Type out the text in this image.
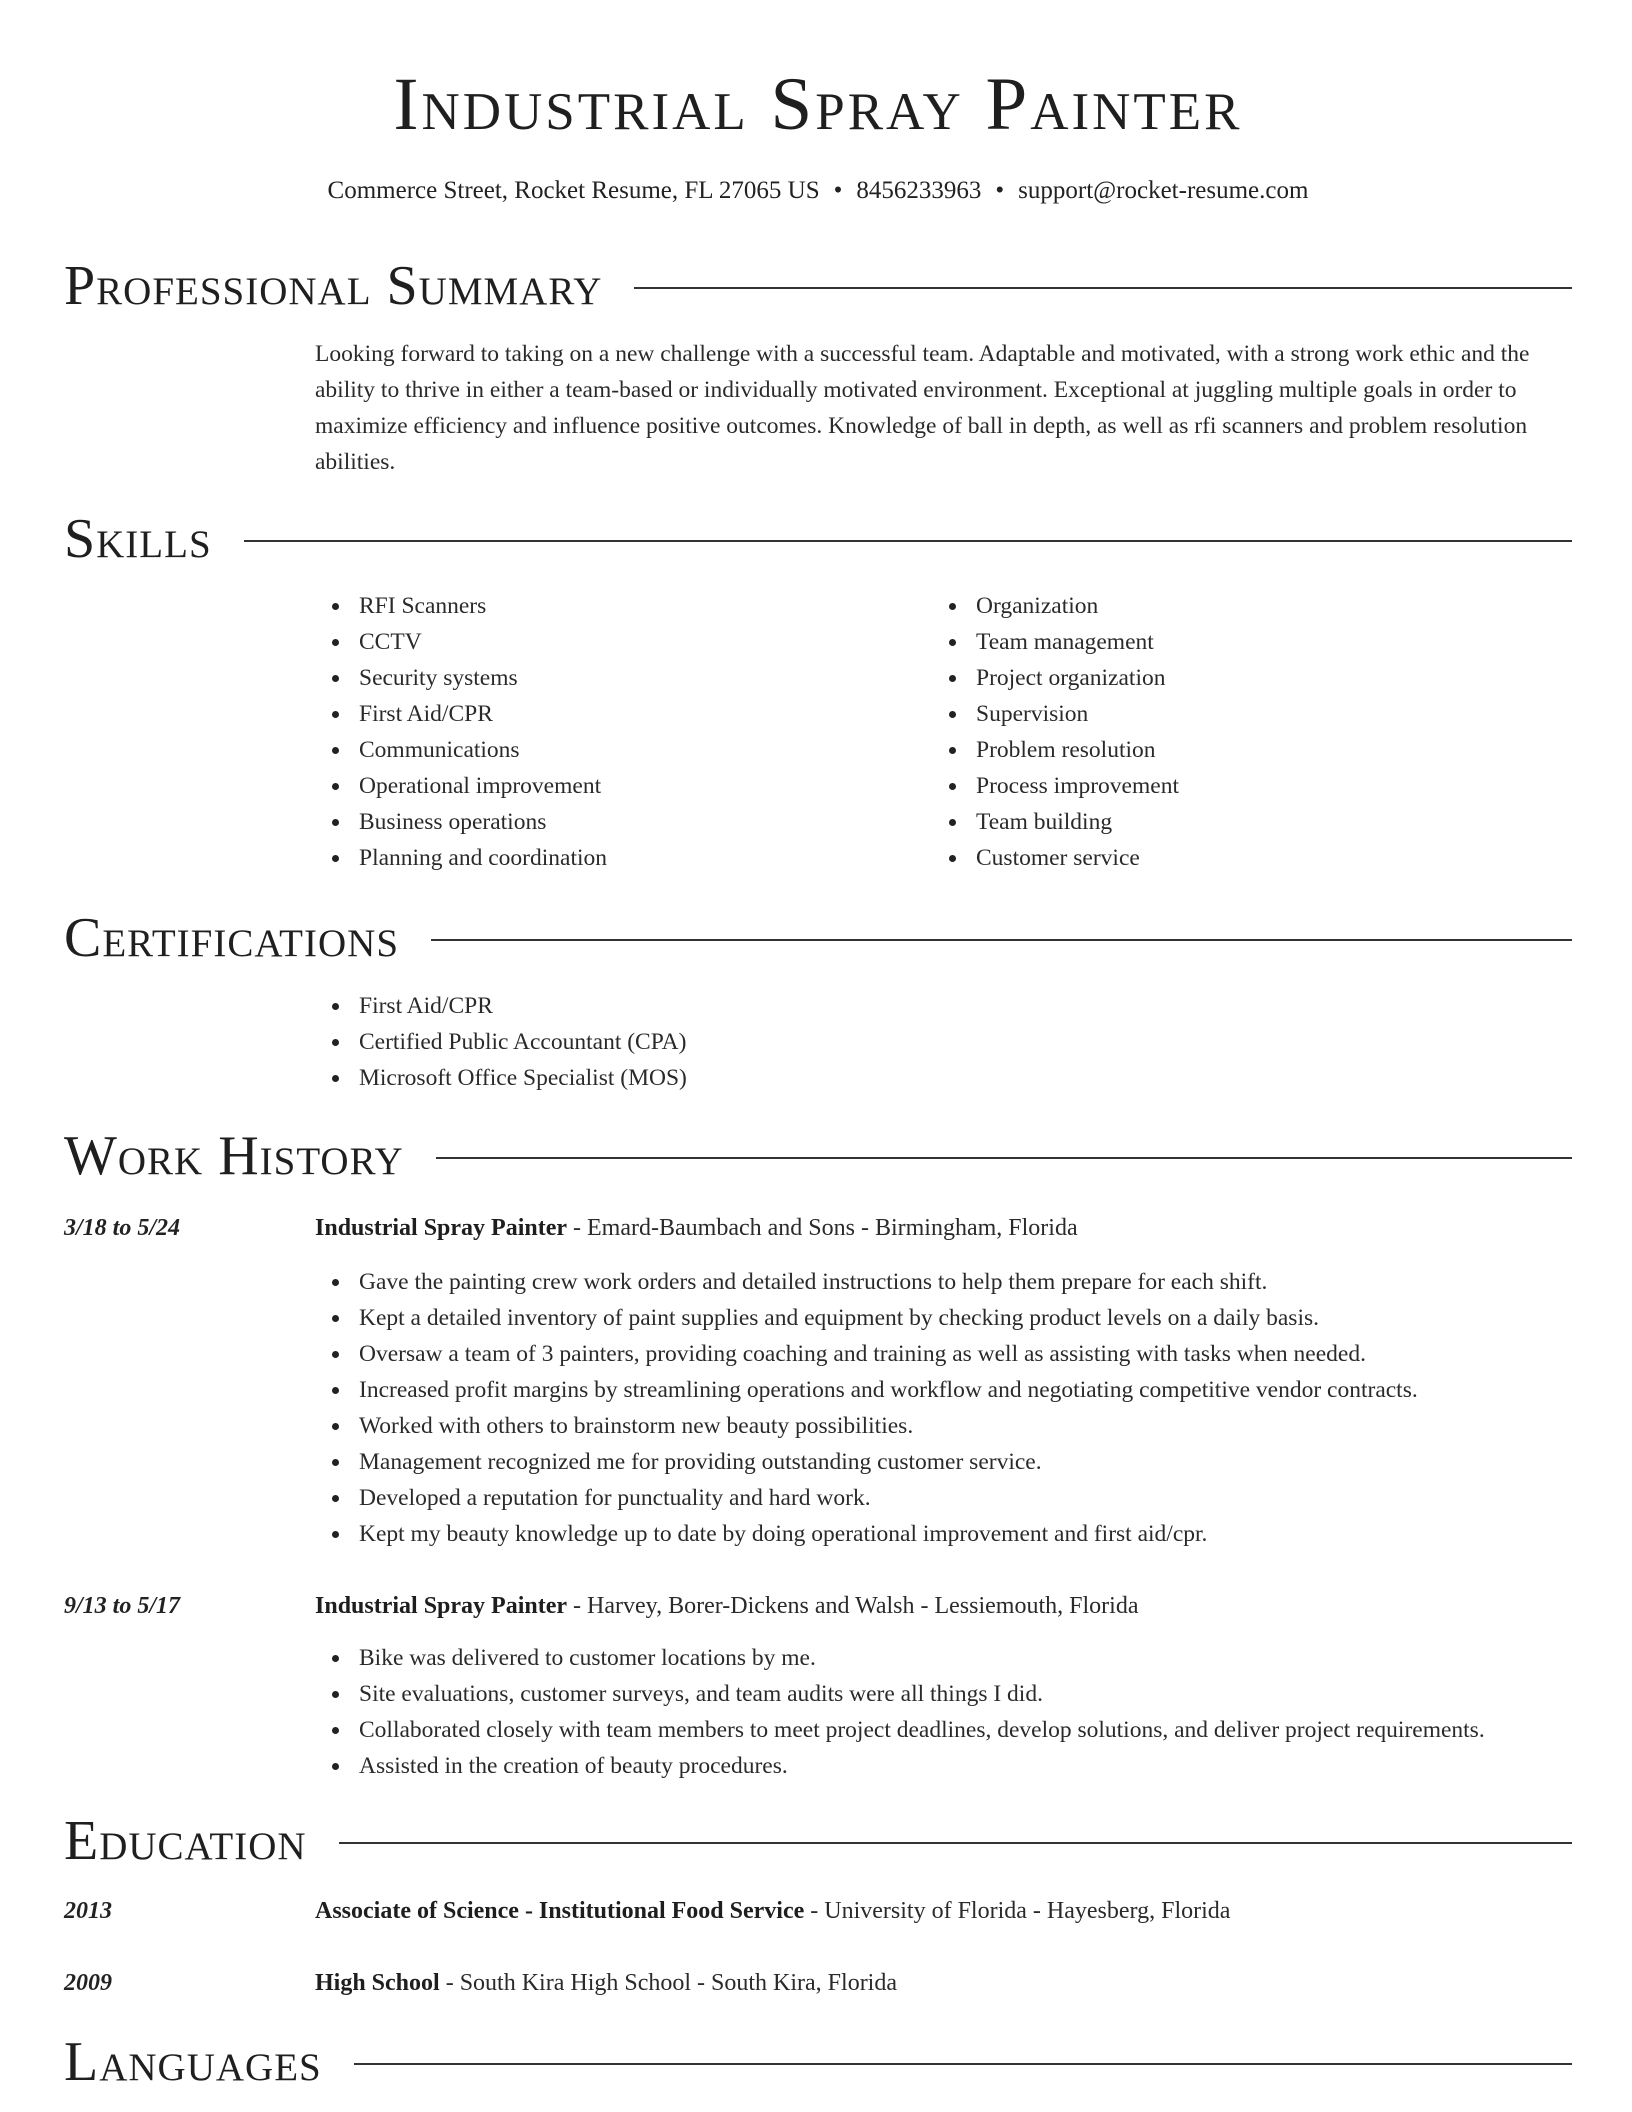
Industrial Spray Painter
Commerce Street, Rocket Resume, FL 27065 US • 8456233963 • support@rocket-resume.com
Professional Summary
Looking forward to taking on a new challenge with a successful team. Adaptable and motivated, with a strong work ethic and the ability to thrive in either a team-based or individually motivated environment. Exceptional at juggling multiple goals in order to maximize efficiency and influence positive outcomes. Knowledge of ball in depth, as well as rfi scanners and problem resolution abilities.
Skills
RFI Scanners
CCTV
Security systems
First Aid/CPR
Communications
Operational improvement
Business operations
Planning and coordination
Organization
Team management
Project organization
Supervision
Problem resolution
Process improvement
Team building
Customer service
Certifications
First Aid/CPR
Certified Public Accountant (CPA)
Microsoft Office Specialist (MOS)
Work History
3/18 to 5/24	Industrial Spray Painter - Emard-Baumbach and Sons - Birmingham, Florida
Gave the painting crew work orders and detailed instructions to help them prepare for each shift.
Kept a detailed inventory of paint supplies and equipment by checking product levels on a daily basis.
Oversaw a team of 3 painters, providing coaching and training as well as assisting with tasks when needed.
Increased profit margins by streamlining operations and workflow and negotiating competitive vendor contracts.
Worked with others to brainstorm new beauty possibilities.
Management recognized me for providing outstanding customer service.
Developed a reputation for punctuality and hard work.
Kept my beauty knowledge up to date by doing operational improvement and first aid/cpr.
9/13 to 5/17	Industrial Spray Painter - Harvey, Borer-Dickens and Walsh - Lessiemouth, Florida
Bike was delivered to customer locations by me.
Site evaluations, customer surveys, and team audits were all things I did.
Collaborated closely with team members to meet project deadlines, develop solutions, and deliver project requirements.
Assisted in the creation of beauty procedures.
Education
2013	Associate of Science - Institutional Food Service - University of Florida - Hayesberg, Florida
2009	High School - South Kira High School - South Kira, Florida
Languages
